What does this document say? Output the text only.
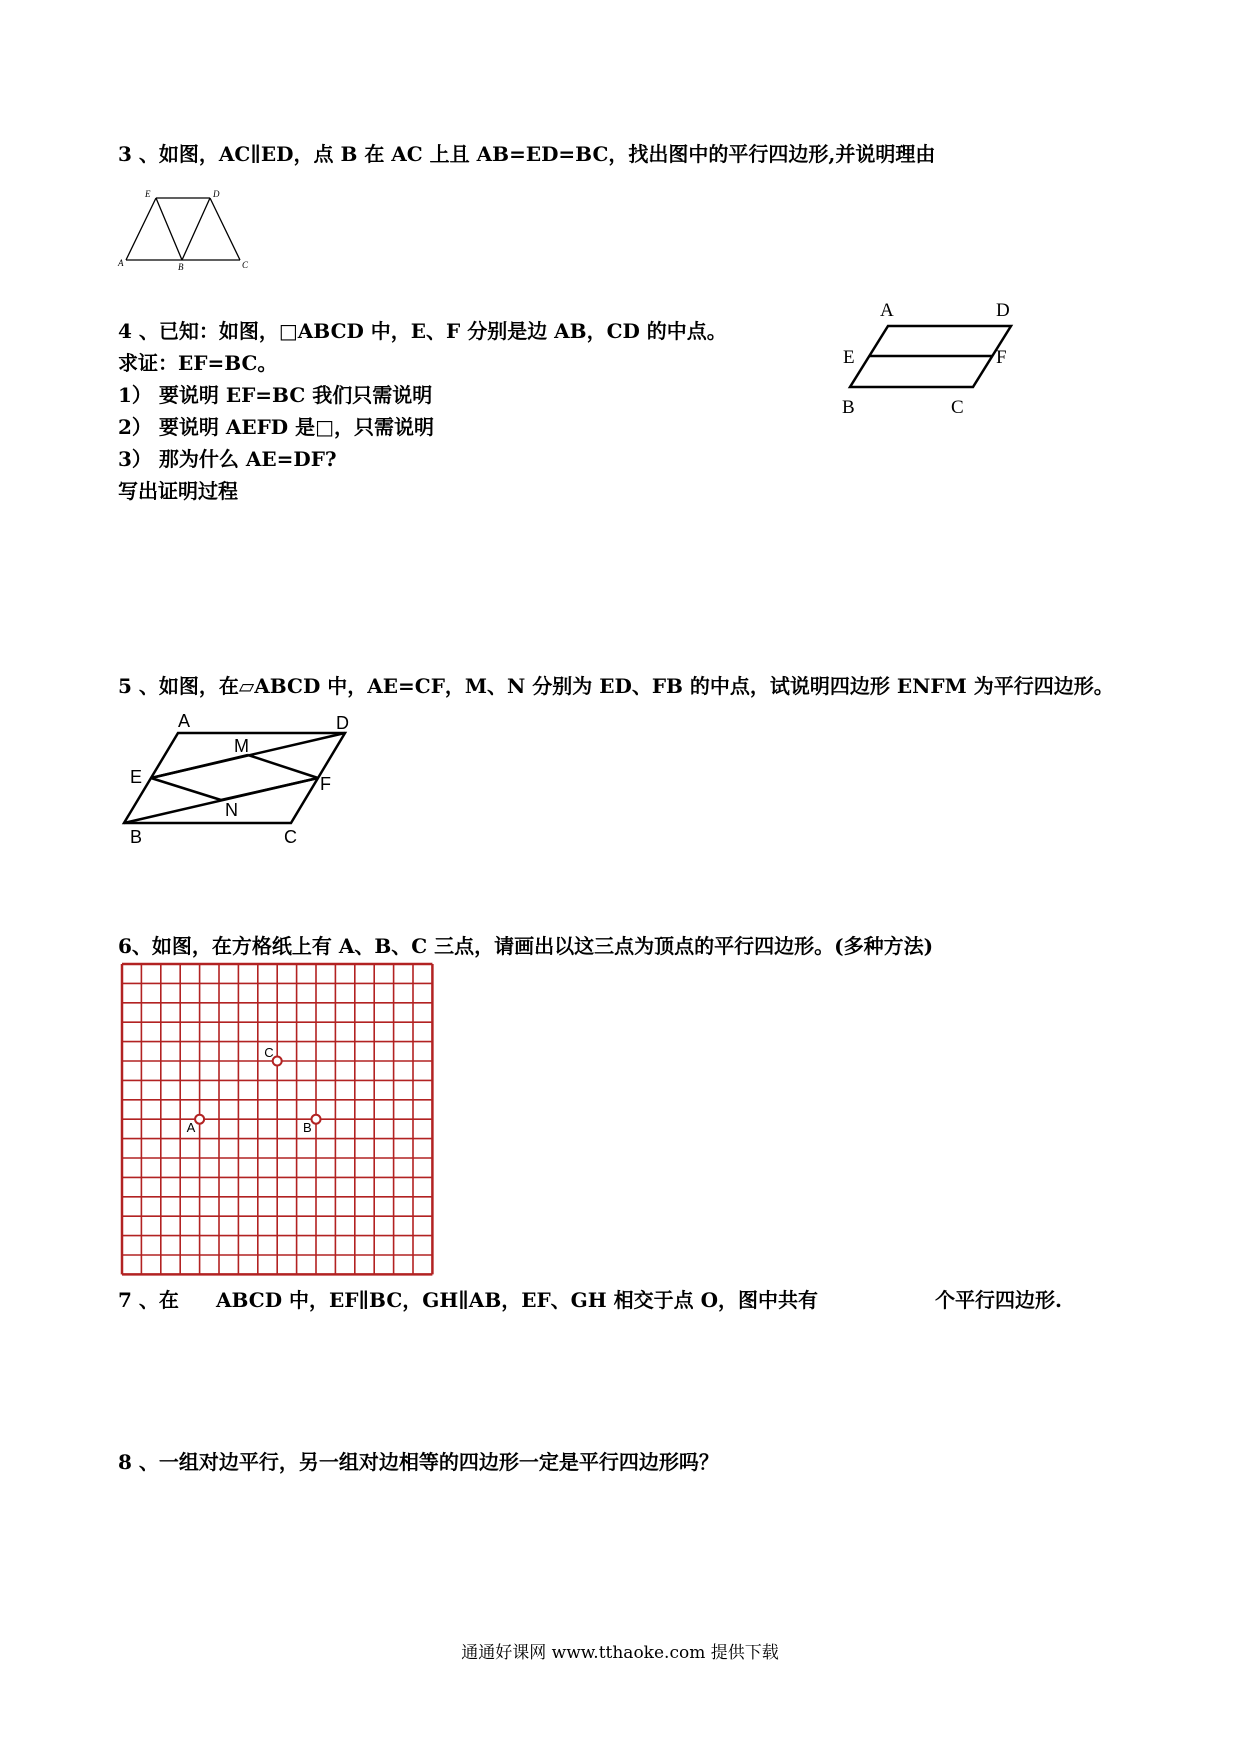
3 、如图，AC∥ED，点 B 在 AC 上且 AB=ED=BC，找出图中的平行四边形,并说明理由
E	D
A	B	C
4 、已知：如图，□ABCD 中，E、F 分别是边 AB，CD 的中点。
求证：EF=BC。
1） 要说明 EF=BC 我们只需说明
2） 要说明 AEFD 是□，只需说明
3） 那为什么 AE=DF?
写出证明过程
A	D
E	F
B	C
5 、如图，在▱ABCD 中，AE=CF，M、N 分别为 ED、FB 的中点，试说明四边形 ENFM 为平行四边形。
A	D
M
E	F
N
B	C
6、如图，在方格纸上有 A、B、C 三点，请画出以这三点为顶点的平行四边形。(多种方法)
A	B
C
7 、在 ABCD 中，EF∥BC，GH∥AB，EF、GH 相交于点 O，图中共有	个平行四边形.
8 、一组对边平行，另一组对边相等的四边形一定是平行四边形吗？
通通好课网 www.tthaoke.com 提供下载
